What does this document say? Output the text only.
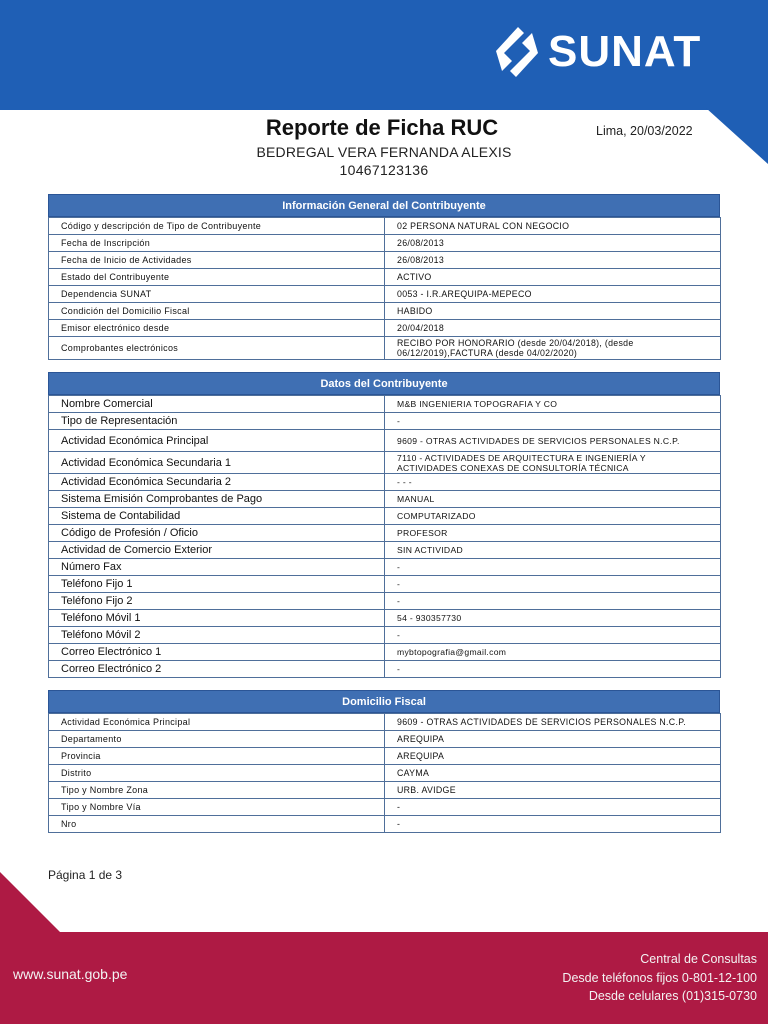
SUNAT
Reporte de Ficha RUC	Lima, 20/03/2022
BEDREGAL VERA FERNANDA ALEXIS
10467123136
Información General del Contribuyente
Código y descripción de Tipo de Contribuyente	02 PERSONA NATURAL CON NEGOCIO
Fecha de Inscripción	26/08/2013
Fecha de Inicio de Actividades	26/08/2013
Estado del Contribuyente	ACTIVO
Dependencia SUNAT	0053 - I.R.AREQUIPA-MEPECO
Condición del Domicilio Fiscal	HABIDO
Emisor electrónico desde	20/04/2018
Comprobantes electrónicos	RECIBO POR HONORARIO (desde 20/04/2018), (desde 06/12/2019),FACTURA (desde 04/02/2020)
Datos del Contribuyente
Nombre Comercial	M&B INGENIERIA TOPOGRAFIA Y CO
Tipo de Representación	-
Actividad Económica Principal	9609 - OTRAS ACTIVIDADES DE SERVICIOS PERSONALES N.C.P.
Actividad Económica Secundaria 1	7110 - ACTIVIDADES DE ARQUITECTURA E INGENIERÍA Y ACTIVIDADES CONEXAS DE CONSULTORÍA TÉCNICA
Actividad Económica Secundaria 2	- - -
Sistema Emisión Comprobantes de Pago	MANUAL
Sistema de Contabilidad	COMPUTARIZADO
Código de Profesión / Oficio	PROFESOR
Actividad de Comercio Exterior	SIN ACTIVIDAD
Número Fax	-
Teléfono Fijo 1	-
Teléfono Fijo 2	-
Teléfono Móvil 1	54 - 930357730
Teléfono Móvil 2	-
Correo Electrónico 1	mybtopografia@gmail.com
Correo Electrónico 2	-
Domicilio Fiscal
Actividad Económica Principal	9609 - OTRAS ACTIVIDADES DE SERVICIOS PERSONALES N.C.P.
Departamento	AREQUIPA
Provincia	AREQUIPA
Distrito	CAYMA
Tipo y Nombre Zona	URB. AVIDGE
Tipo y Nombre Vía	-
Nro	-
Página 1 de 3
www.sunat.gob.pe
Central de Consultas
Desde teléfonos fijos 0-801-12-100
Desde celulares (01)315-0730
